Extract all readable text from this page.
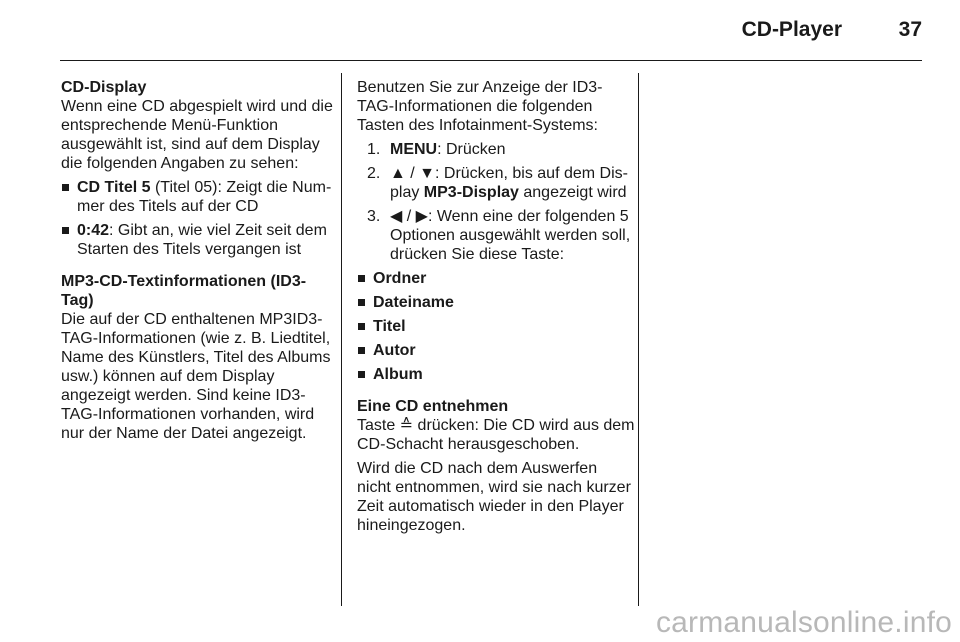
CD-Player	37

CD-Display

Wenn eine CD abgespielt wird und die entsprechende Menü-Funktion ausgewählt ist, sind auf dem Display die folgenden Angaben zu sehen:

CD Titel 5 (Titel 05): Zeigt die Nummer des Titels auf der CD
0:42: Gibt an, wie viel Zeit seit dem Starten des Titels vergangen ist

MP3-CD-Textinformationen (ID3-Tag)

Die auf der CD enthaltenen MP3ID3-TAG-Informationen (wie z. B. Liedtitel, Name des Künstlers, Titel des Albums usw.) können auf dem Display angezeigt werden. Sind keine ID3-TAG-Informationen vorhanden, wird nur der Name der Datei angezeigt.

Benutzen Sie zur Anzeige der ID3-TAG-Informationen die folgenden Tasten des Infotainment-Systems:

1. MENU: Drücken
2. ▲ / ▼: Drücken, bis auf dem Display MP3-Display angezeigt wird
3. ◀ / ▶: Wenn eine der folgenden 5 Optionen ausgewählt werden soll, drücken Sie diese Taste:
Ordner
Dateiname
Titel
Autor
Album

Eine CD entnehmen

Taste ≙ drücken: Die CD wird aus dem CD-Schacht herausgeschoben.

Wird die CD nach dem Auswerfen nicht entnommen, wird sie nach kurzer Zeit automatisch wieder in den Player hineingezogen.

carmanualsonline.info
